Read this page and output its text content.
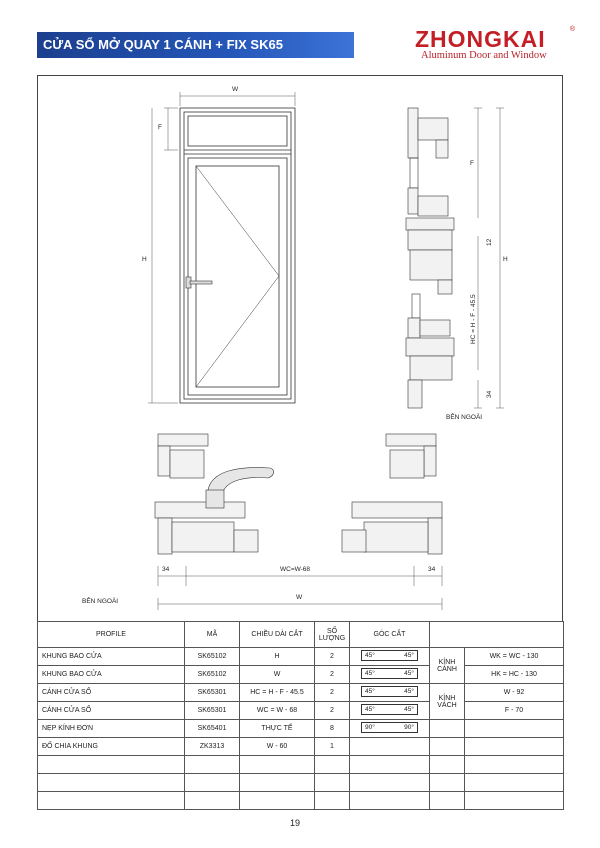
CỬA SỔ MỞ QUAY 1 CÁNH + FIX SK65	ZHONGKAI	®
Aluminum Door and Window
W
F
H
F
12
H
HC = H - F - 45.5
34
BÊN NGOÀI
34	WC=W-68	34
W
BÊN NGOÀI
PROFILE	MÃ	CHIỀU DÀI CẮT	SỐ LƯỢNG	GÓC CẮT		
KHUNG BAO CỬA	SK65102	H	2	45° 45°	KÍNH CÁNH	WK = WC - 130
KHUNG BAO CỬA	SK65102	W	2	45° 45°		HK = HC - 130
CÁNH CỬA SỔ	SK65301	HC = H - F - 45.5	2	45° 45°	KÍNH VÁCH	W - 92
CÁNH CỬA SỔ	SK65301	WC = W - 68	2	45° 45°		F - 70
NẸP KÍNH ĐƠN	SK65401	THỰC TẾ	8	90° 90°		

ĐỐ CHIA KHUNG	ZK3313	W - 60	1			

19
